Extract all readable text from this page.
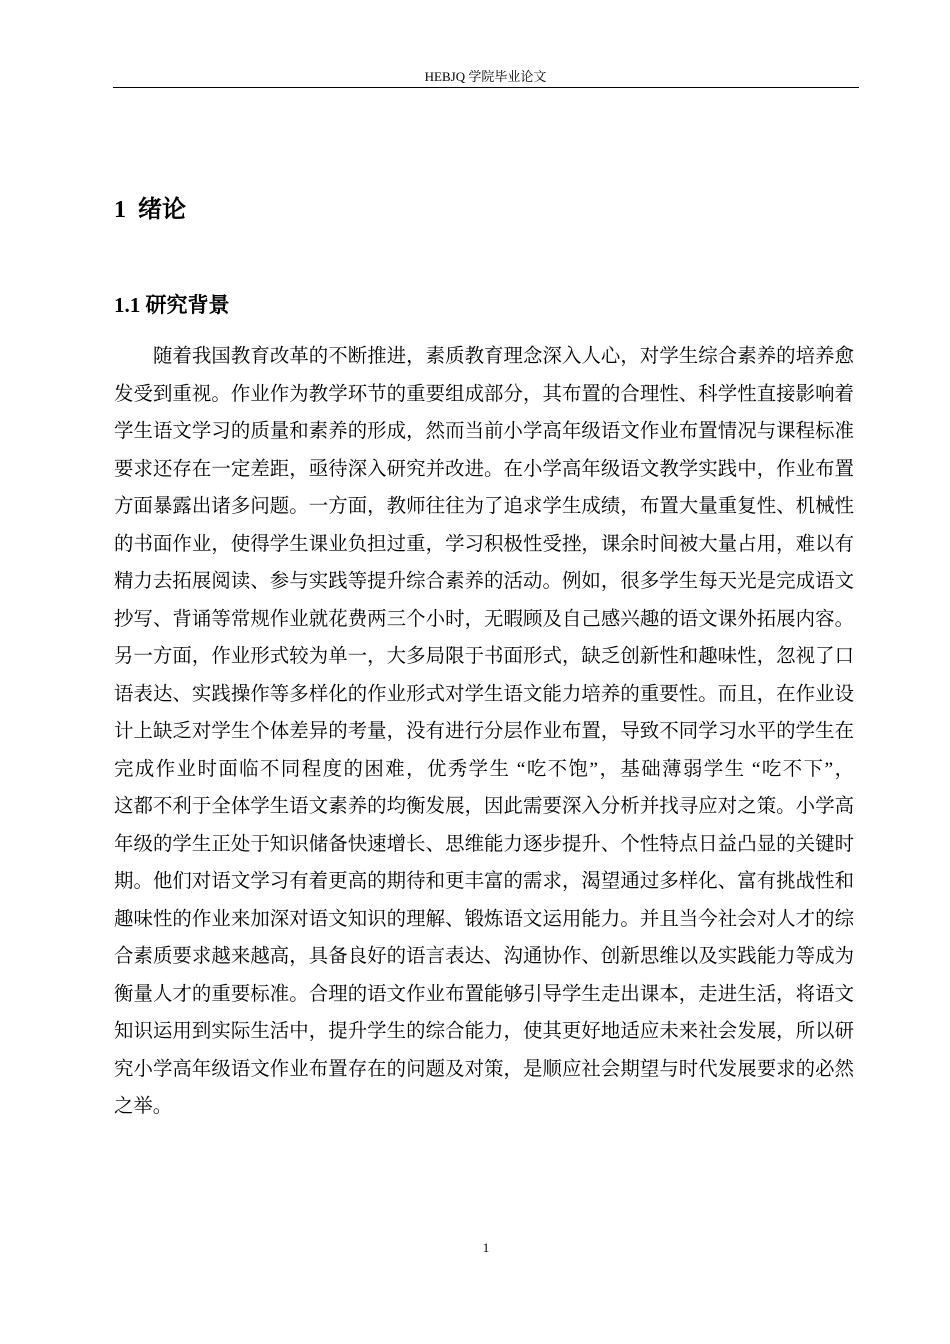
HEBJQ 学院毕业论文
1 绪论
1.1 研究背景
随着我国教育改革的不断推进，素质教育理念深入人心，对学生综合素养的培养愈
发受到重视。作业作为教学环节的重要组成部分，其布置的合理性、科学性直接影响着
学生语文学习的质量和素养的形成，然而当前小学高年级语文作业布置情况与课程标准
要求还存在一定差距，亟待深入研究并改进。在小学高年级语文教学实践中，作业布置
方面暴露出诸多问题。一方面，教师往往为了追求学生成绩，布置大量重复性、机械性
的书面作业，使得学生课业负担过重，学习积极性受挫，课余时间被大量占用，难以有
精力去拓展阅读、参与实践等提升综合素养的活动。例如，很多学生每天光是完成语文
抄写、背诵等常规作业就花费两三个小时，无暇顾及自己感兴趣的语文课外拓展内容。
另一方面，作业形式较为单一，大多局限于书面形式，缺乏创新性和趣味性，忽视了口
语表达、实践操作等多样化的作业形式对学生语文能力培养的重要性。而且，在作业设
计上缺乏对学生个体差异的考量，没有进行分层作业布置，导致不同学习水平的学生在
完成作业时面临不同程度的困难，优秀学生 “吃不饱”，基础薄弱学生 “吃不下”，
这都不利于全体学生语文素养的均衡发展，因此需要深入分析并找寻应对之策。小学高
年级的学生正处于知识储备快速增长、思维能力逐步提升、个性特点日益凸显的关键时
期。他们对语文学习有着更高的期待和更丰富的需求，渴望通过多样化、富有挑战性和
趣味性的作业来加深对语文知识的理解、锻炼语文运用能力。并且当今社会对人才的综
合素质要求越来越高，具备良好的语言表达、沟通协作、创新思维以及实践能力等成为
衡量人才的重要标准。合理的语文作业布置能够引导学生走出课本，走进生活，将语文
知识运用到实际生活中，提升学生的综合能力，使其更好地适应未来社会发展，所以研
究小学高年级语文作业布置存在的问题及对策，是顺应社会期望与时代发展要求的必然
之举。
1
